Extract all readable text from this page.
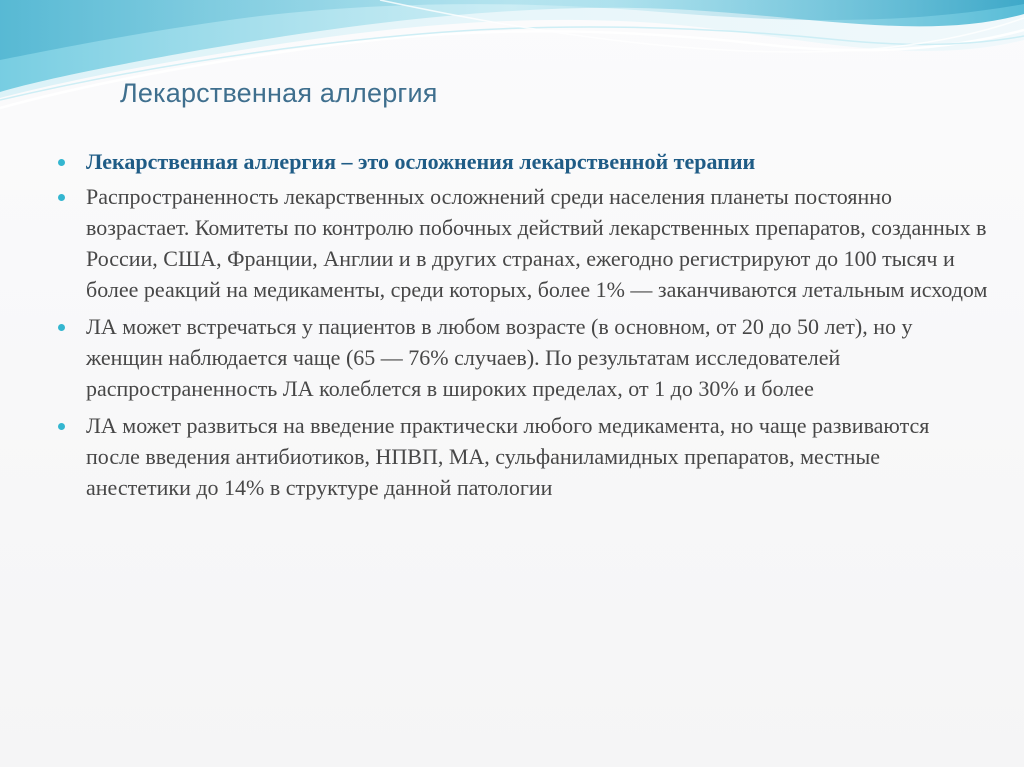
Лекарственная аллергия
Лекарственная аллергия – это осложнения лекарственной терапии
Распространенность лекарственных осложнений среди населения планеты постоянно возрастает. Комитеты по контролю побочных действий лекарственных препаратов, созданных в России, США, Франции, Англии и в других странах, ежегодно регистрируют до 100 тысяч и более реакций на медикаменты, среди которых, более 1% — заканчиваются летальным исходом
ЛА может встречаться у пациентов в любом возрасте (в основном, от 20 до 50 лет), но у женщин наблюдается чаще (65 — 76% случаев). По результатам исследователей распространенность ЛА колеблется в широких пределах, от 1 до 30% и более
ЛА может развиться на введение практически любого медикамента, но чаще развиваются после введения антибиотиков, НПВП, МА, сульфаниламидных препаратов, местные анестетики до 14% в структуре данной патологии
